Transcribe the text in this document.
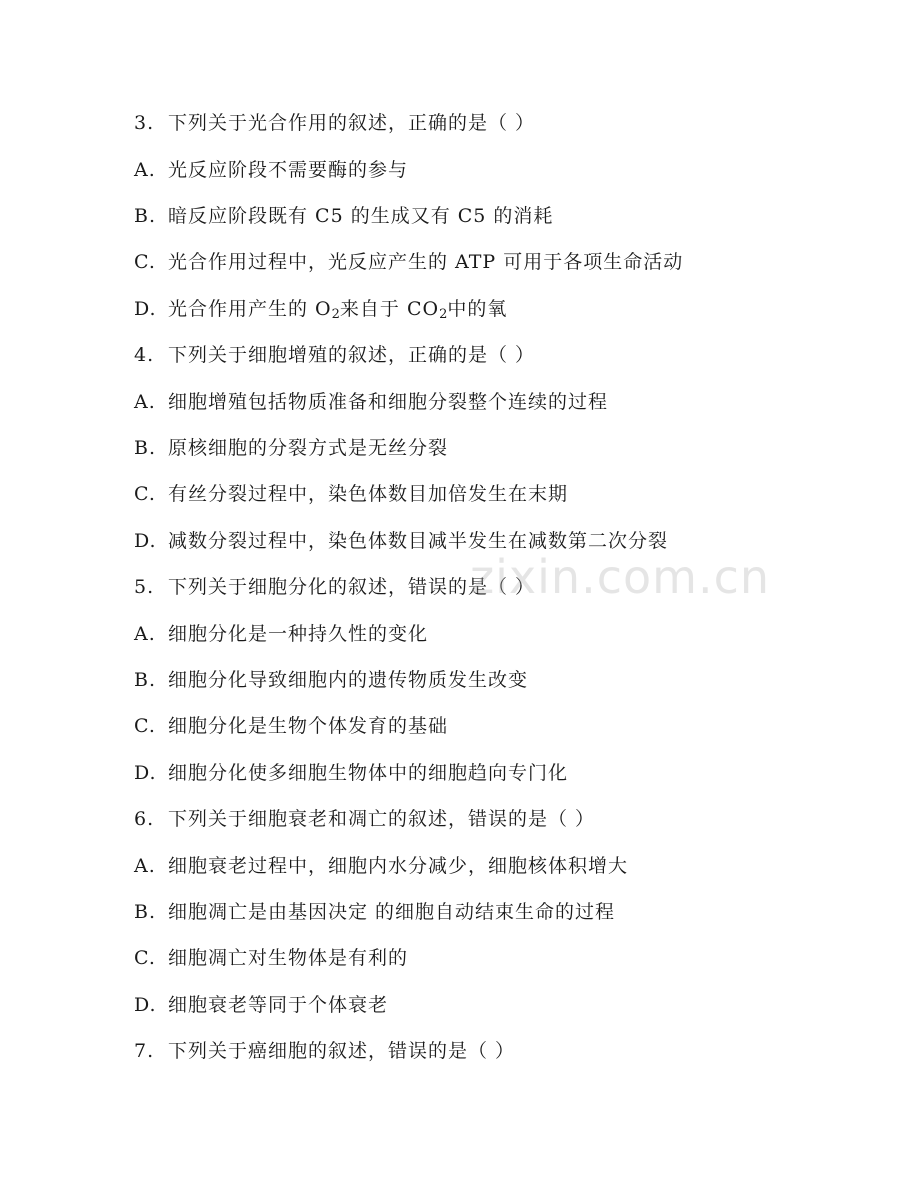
3. 下列关于光合作用的叙述，正确的是（ ）
A. 光反应阶段不需要酶的参与
B. 暗反应阶段既有 C5 的生成又有 C5 的消耗
C. 光合作用过程中，光反应产生的 ATP 可用于各项生命活动
D. 光合作用产生的 $O_2$来自于 $CO_2$中的氧
4. 下列关于细胞增殖的叙述，正确的是（ ）
A. 细胞增殖包括物质准备和细胞分裂整个连续的过程
B. 原核细胞的分裂方式是无丝分裂
C. 有丝分裂过程中，染色体数目加倍发生在末期
D. 减数分裂过程中，染色体数目减半发生在减数第二次分裂
5. 下列关于细胞分化的叙述，错误的是（ ）
A. 细胞分化是一种持久性的变化
B. 细胞分化导致细胞内的遗传物质发生改变
C. 细胞分化是生物个体发育的基础
D. 细胞分化使多细胞生物体中的细胞趋向专门化
6. 下列关于细胞衰老和凋亡的叙述，错误的是（ ）
A. 细胞衰老过程中，细胞内水分减少，细胞核体积增大
B. 细胞凋亡是由基因决定 的细胞自动结束生命的过程
C. 细胞凋亡对生物体是有利的
D. 细胞衰老等同于个体衰老
7. 下列关于癌细胞的叙述，错误的是（ ）
zixin.com.cn
